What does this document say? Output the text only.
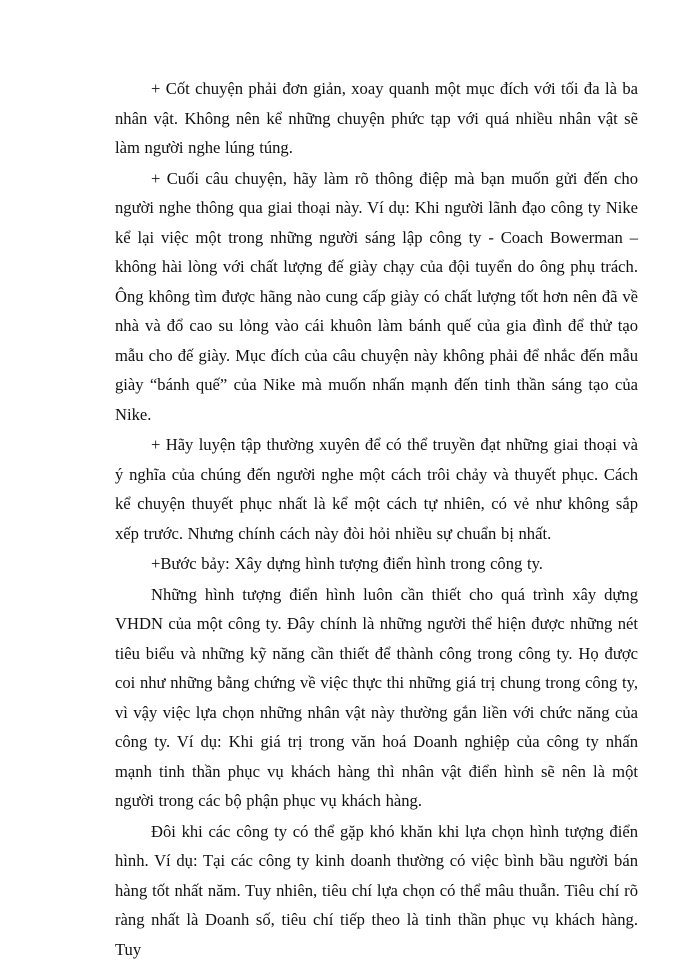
+ Cốt chuyện phải đơn giản, xoay quanh một mục đích với tối đa là ba nhân vật. Không nên kể những chuyện phức tạp với quá nhiều nhân vật sẽ làm người nghe lúng túng.

+ Cuối câu chuyện, hãy làm rõ thông điệp mà bạn muốn gửi đến cho người nghe thông qua giai thoại này. Ví dụ: Khi người lãnh đạo công ty Nike kể lại việc một trong những người sáng lập công ty - Coach Bowerman – không hài lòng với chất lượng đế giày chạy của đội tuyển do ông phụ trách. Ông không tìm được hãng nào cung cấp giày có chất lượng tốt hơn nên đã về nhà và đổ cao su lỏng vào cái khuôn làm bánh quế của gia đình để thử tạo mẫu cho đế giày. Mục đích của câu chuyện này không phải để nhắc đến mẫu giày “bánh quế” của Nike mà muốn nhấn mạnh đến tinh thần sáng tạo của Nike.

+ Hãy luyện tập thường xuyên để có thể truyền đạt những giai thoại và ý nghĩa của chúng đến người nghe một cách trôi chảy và thuyết phục. Cách kể chuyện thuyết phục nhất là kể một cách tự nhiên, có vẻ như không sắp xếp trước. Nhưng chính cách này đòi hỏi nhiều sự chuẩn bị nhất.

+Bước bảy: Xây dựng hình tượng điển hình trong công ty.

Những hình tượng điển hình luôn cần thiết cho quá trình xây dựng VHDN của một công ty. Đây chính là những người thể hiện được những nét tiêu biểu và những kỹ năng cần thiết để thành công trong công ty. Họ được coi như những bằng chứng về việc thực thi những giá trị chung trong công ty, vì vậy việc lựa chọn những nhân vật này thường gắn liền với chức năng của công ty. Ví dụ: Khi giá trị trong văn hoá Doanh nghiệp của công ty nhấn mạnh tinh thần phục vụ khách hàng thì nhân vật điển hình sẽ nên là một người trong các bộ phận phục vụ khách hàng.

Đôi khi các công ty có thể gặp khó khăn khi lựa chọn hình tượng điển hình. Ví dụ: Tại các công ty kinh doanh thường có việc bình bầu người bán hàng tốt nhất năm. Tuy nhiên, tiêu chí lựa chọn có thể mâu thuẫn. Tiêu chí rõ ràng nhất là Doanh số, tiêu chí tiếp theo là tinh thần phục vụ khách hàng. Tuy
